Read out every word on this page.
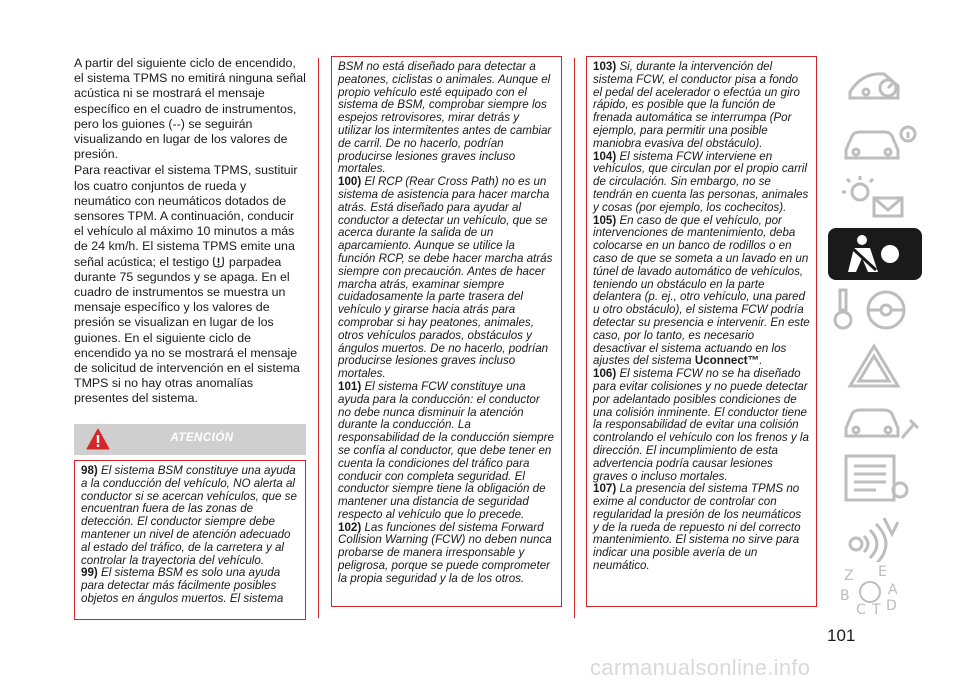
A partir del siguiente ciclo de encendido, el sistema TPMS no emitirá ninguna señal acústica ni se mostrará el mensaje específico en el cuadro de instrumentos, pero los guiones (--) se seguirán visualizando en lugar de los valores de presión.

Para reactivar el sistema TPMS, sustituir los cuatro conjuntos de rueda y neumático con neumáticos dotados de sensores TPM. A continuación, conducir el vehículo al máximo 10 minutos a más de 24 km/h. El sistema TPMS emite una señal acústica; el testigo parpadea durante 75 segundos y se apaga. En el cuadro de instrumentos se muestra un mensaje específico y los valores de presión se visualizan en lugar de los guiones. En el siguiente ciclo de encendido ya no se mostrará el mensaje de solicitud de intervención en el sistema TMPS si no hay otras anomalías presentes del sistema.

ATENCIÓN

98) El sistema BSM constituye una ayuda a la conducción del vehículo, NO alerta al conductor si se acercan vehículos, que se encuentran fuera de las zonas de detección. El conductor siempre debe mantener un nivel de atención adecuado al estado del tráfico, de la carretera y al controlar la trayectoria del vehículo.

99) El sistema BSM es solo una ayuda para detectar más fácilmente posibles objetos en ángulos muertos. El sistema

BSM no está diseñado para detectar a peatones, ciclistas o animales. Aunque el propio vehículo esté equipado con el sistema de BSM, comprobar siempre los espejos retrovisores, mirar detrás y utilizar los intermitentes antes de cambiar de carril. De no hacerlo, podrían producirse lesiones graves incluso mortales.

100) El RCP (Rear Cross Path) no es un sistema de asistencia para hacer marcha atrás. Está diseñado para ayudar al conductor a detectar un vehículo, que se acerca durante la salida de un aparcamiento. Aunque se utilice la función RCP, se debe hacer marcha atrás siempre con precaución. Antes de hacer marcha atrás, examinar siempre cuidadosamente la parte trasera del vehículo y girarse hacia atrás para comprobar si hay peatones, animales, otros vehículos parados, obstáculos y ángulos muertos. De no hacerlo, podrían producirse lesiones graves incluso mortales.

101) El sistema FCW constituye una ayuda para la conducción: el conductor no debe nunca disminuir la atención durante la conducción. La responsabilidad de la conducción siempre se confía al conductor, que debe tener en cuenta la condiciones del tráfico para conducir con completa seguridad. El conductor siempre tiene la obligación de mantener una distancia de seguridad respecto al vehículo que lo precede.

102) Las funciones del sistema Forward Collision Warning (FCW) no deben nunca probarse de manera irresponsable y peligrosa, porque se puede comprometer la propia seguridad y la de los otros.

103) Si, durante la intervención del sistema FCW, el conductor pisa a fondo el pedal del acelerador o efectúa un giro rápido, es posible que la función de frenada automática se interrumpa (Por ejemplo, para permitir una posible maniobra evasiva del obstáculo).

104) El sistema FCW interviene en vehículos, que circulan por el propio carril de circulación. Sin embargo, no se tendrán en cuenta las personas, animales y cosas (por ejemplo, los cochecitos).

105) En caso de que el vehículo, por intervenciones de mantenimiento, deba colocarse en un banco de rodillos o en caso de que se someta a un lavado en un túnel de lavado automático de vehículos, teniendo un obstáculo en la parte delantera (p. ej., otro vehículo, una pared u otro obstáculo), el sistema FCW podría detectar su presencia e intervenir. En este caso, por lo tanto, es necesario desactivar el sistema actuando en los ajustes del sistema Uconnect™.

106) El sistema FCW no se ha diseñado para evitar colisiones y no puede detectar por adelantado posibles condiciones de una colisión inminente. El conductor tiene la responsabilidad de evitar una colisión controlando el vehículo con los frenos y la dirección. El incumplimiento de esta advertencia podría causar lesiones graves o incluso mortales.

107) La presencia del sistema TPMS no exime al conductor de controlar con regularidad la presión de los neumáticos y de la rueda de repuesto ni del correcto mantenimiento. El sistema no sirve para indicar una posible avería de un neumático.

Z E
B	A
C T D
101
carmanualsonline.info
